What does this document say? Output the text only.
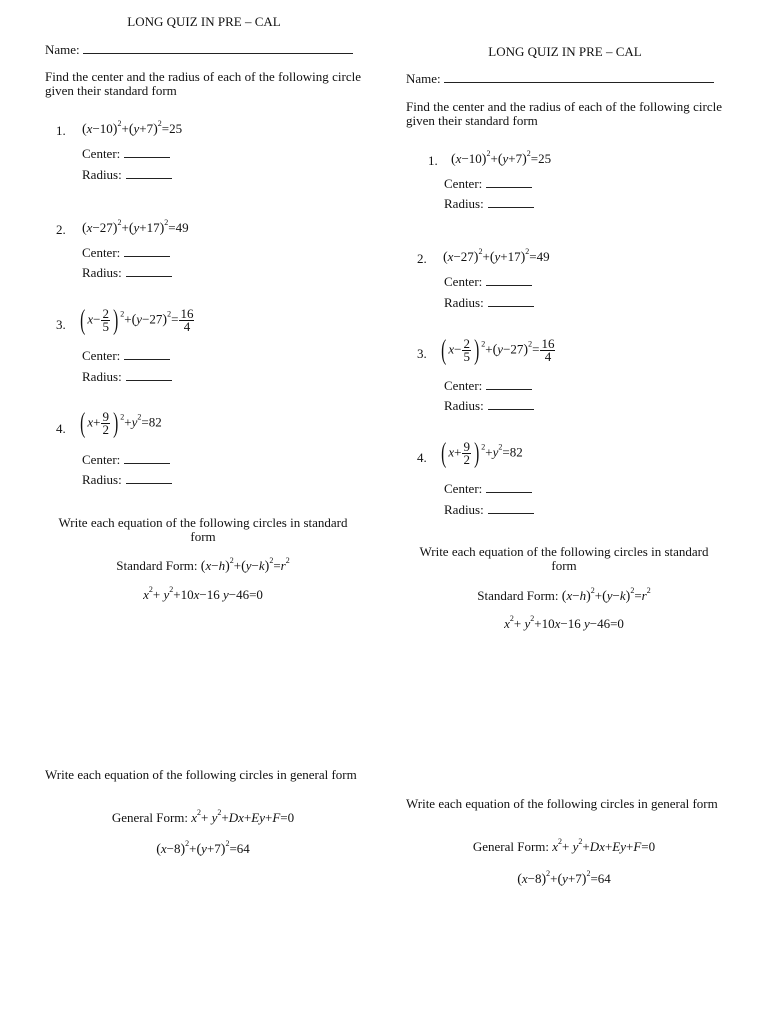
LONG QUIZ IN PRE – CAL
Name:
Find the center and the radius of each of the following circle given their standard form
1. $(x-10)^2+(y+7)^2=25$
Center:
Radius:
2. $(x-27)^2+(y+17)^2=49$
Center:
Radius:
3. ( $x- \frac{2}{5}$ ) $^2+(y-27)^2= \frac{16}{4}$
Center:
Radius:
4. ( $x+ \frac{9}{2}$ ) $^2+y^2=82$
Center:
Radius:
Write each equation of the following circles in standard form
Standard Form: $(x-h)^2+(y-k)^2=r^2$
$x^2+ y^2+10x-16$ y−46=0
Write each equation of the following circles in general form
General Form: $x^2+ y^2+Dx+Ey+F=0$
$(x-8)^2+(y+7)^2=64$
LONG QUIZ IN PRE – CAL
Name:
Find the center and the radius of each of the following circle given their standard form
1. $(x-10)^2+(y+7)^2=25$
Center:
Radius:
2. $(x-27)^2+(y+17)^2=49$
Center:
Radius:
3. ( $x- \frac{2}{5}$ ) $^2+(y-27)^2= \frac{16}{4}$
Center:
Radius:
4. ( $x+ \frac{9}{2}$ ) $^2+y^2=82$
Center:
Radius:
Write each equation of the following circles in standard form
Standard Form: $(x-h)^2+(y-k)^2=r^2$
$x^2+ y^2+10x-16$ y−46=0
Write each equation of the following circles in general form
General Form: $x^2+ y^2+Dx+Ey+F=0$
$(x-8)^2+(y+7)^2=64$
